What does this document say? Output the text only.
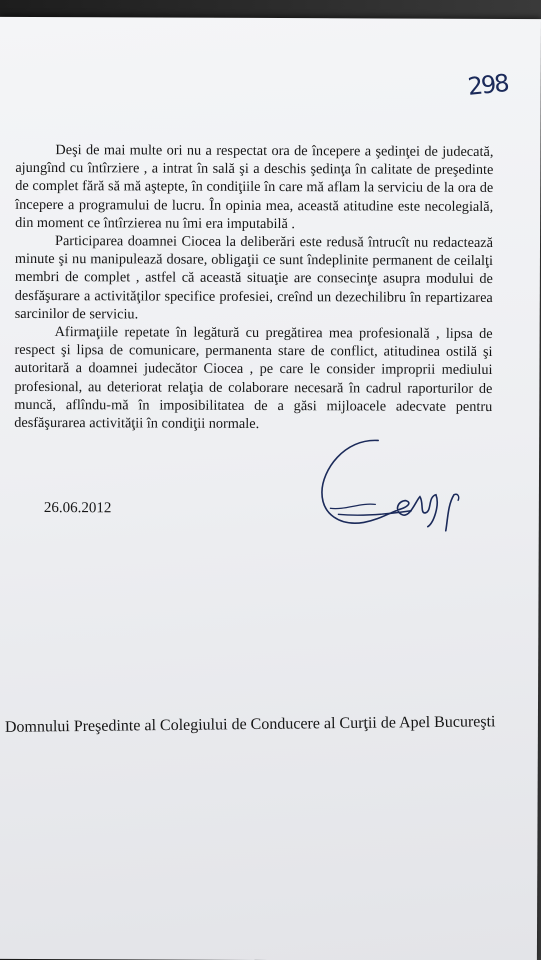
298

Deşi de mai multe ori nu a respectat ora de începere a şedinţei de judecată, ajungînd cu întîrziere , a intrat în sală şi a deschis şedinţa în calitate de preşedinte de complet fără să mă aştepte, în condiţiile în care mă aflam la serviciu de la ora de începere a programului de lucru. În opinia mea, această atitudine este necolegială, din moment ce întîrzierea nu îmi era imputabilă .

Participarea doamnei Ciocea la deliberări este redusă întrucît nu redactează minute şi nu manipulează dosare, obligaţii ce sunt îndeplinite permanent de ceilalţi membri de complet , astfel că această situaţie are consecinţe asupra modului de desfăşurare a activităţilor specifice profesiei, creînd un dezechilibru în repartizarea sarcinilor de serviciu.

Afirmaţiile repetate în legătură cu pregătirea mea profesională , lipsa de respect şi lipsa de comunicare, permanenta stare de conflict, atitudinea ostilă şi autoritară a doamnei judecător Ciocea , pe care le consider improprii mediului profesional, au deteriorat relaţia de colaborare necesară în cadrul raporturilor de muncă, aflîndu-mă în imposibilitatea de a găsi mijloacele adecvate pentru desfăşurarea activităţii în condiţii normale.

26.06.2012
Domnului Preşedinte al Colegiului de Conducere al Curţii de Apel Bucureşti
